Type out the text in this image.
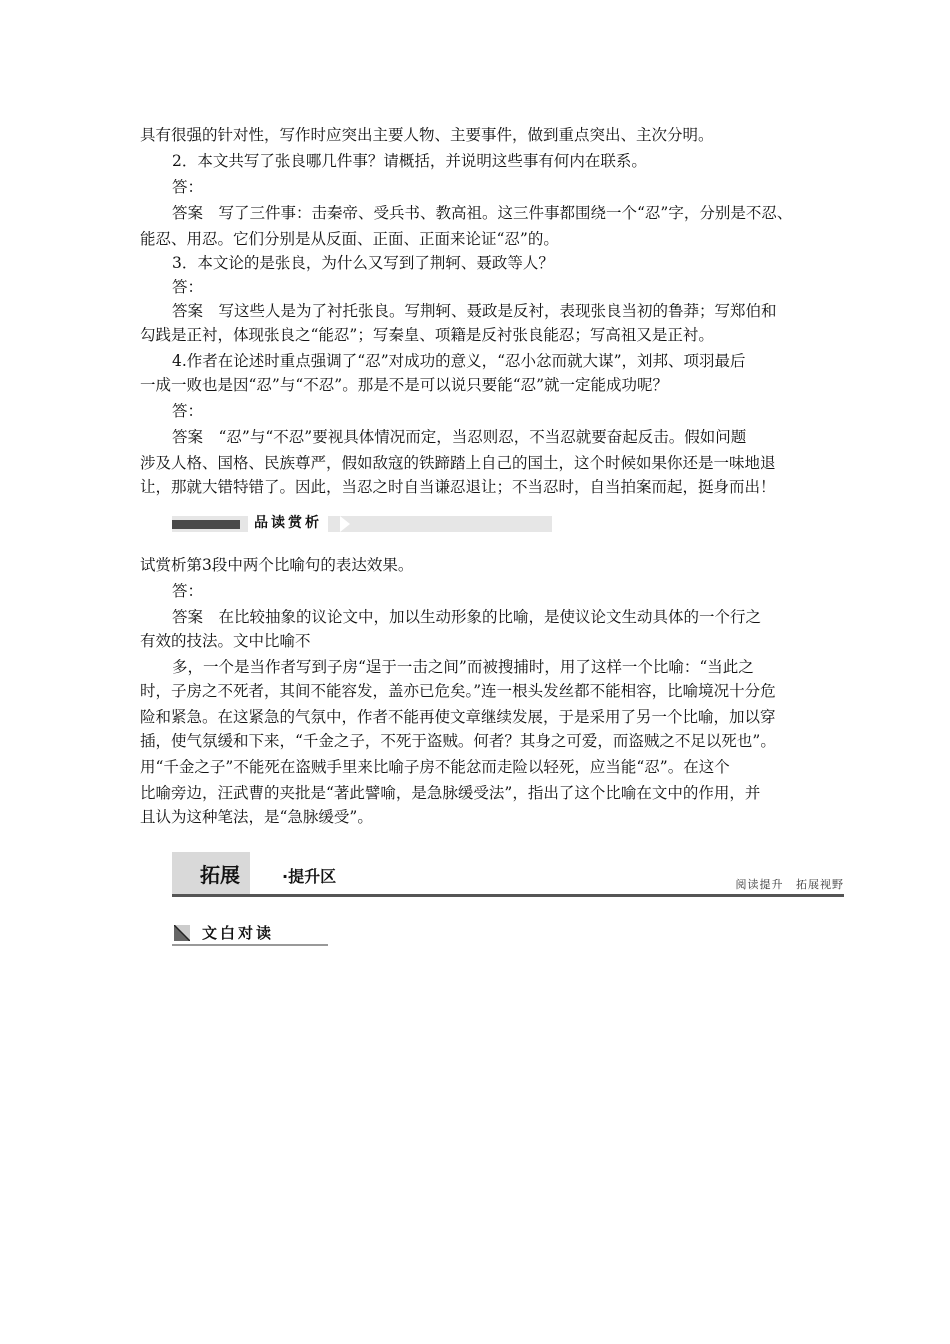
具有很强的针对性，写作时应突出主要人物、主要事件，做到重点突出、主次分明。
2．本文共写了张良哪几件事？请概括，并说明这些事有何内在联系。
答：
答案　写了三件事：击秦帝、受兵书、教高祖。这三件事都围绕一个“忍”字，分别是不忍、
能忍、用忍。它们分别是从反面、正面、正面来论证“忍”的。
3．本文论的是张良，为什么又写到了荆轲、聂政等人？
答：
答案　写这些人是为了衬托张良。写荆轲、聂政是反衬，表现张良当初的鲁莽；写郑伯和
勾践是正衬，体现张良之“能忍”；写秦皇、项籍是反衬张良能忍；写高祖又是正衬。
4.作者在论述时重点强调了“忍”对成功的意义，“忍小忿而就大谋”，刘邦、项羽最后
一成一败也是因“忍”与“不忍”。那是不是可以说只要能“忍”就一定能成功呢？
答：
答案　“忍”与“不忍”要视具体情况而定，当忍则忍，不当忍就要奋起反击。假如问题
涉及人格、国格、民族尊严，假如敌寇的铁蹄踏上自己的国土，这个时候如果你还是一味地退
让，那就大错特错了。因此，当忍之时自当谦忍退让；不当忍时，自当拍案而起，挺身而出！
品读赏析
试赏析第3段中两个比喻句的表达效果。
答：
答案　在比较抽象的议论文中，加以生动形象的比喻，是使议论文生动具体的一个行之
有效的技法。文中比喻不
多，一个是当作者写到子房“逞于一击之间”而被搜捕时，用了这样一个比喻：“当此之
时，子房之不死者，其间不能容发，盖亦已危矣。”连一根头发丝都不能相容，比喻境况十分危
险和紧急。在这紧急的气氛中，作者不能再使文章继续发展，于是采用了另一个比喻，加以穿
插，使气氛缓和下来，“千金之子，不死于盗贼。何者？其身之可爱，而盗贼之不足以死也”。
用“千金之子”不能死在盗贼手里来比喻子房不能忿而走险以轻死，应当能“忍”。在这个
比喻旁边，汪武曹的夹批是“著此譬喻，是急脉缓受法”，指出了这个比喻在文中的作用，并
且认为这种笔法，是“急脉缓受”。
拓展	·提升区	阅读提升 拓展视野
文白对读
